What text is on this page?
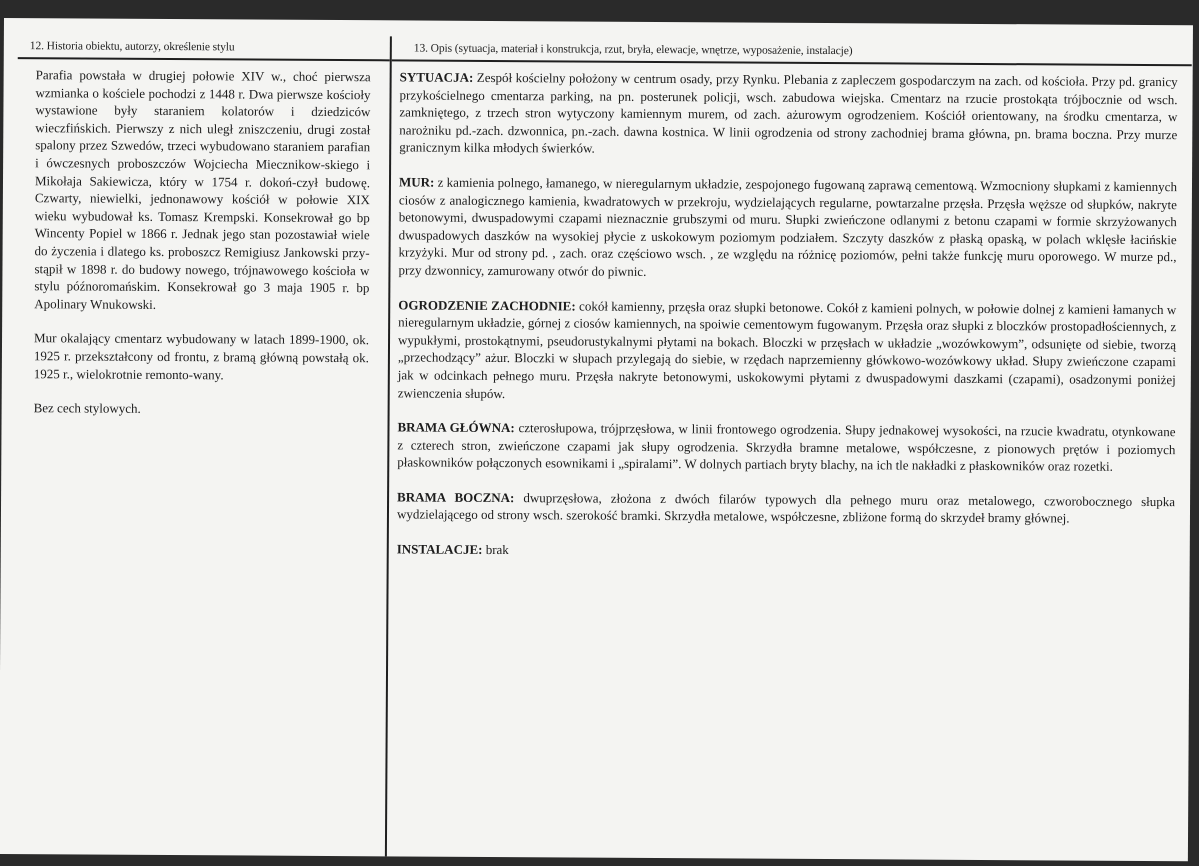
12. Historia obiektu, autorzy, określenie stylu	13. Opis (sytuacja, materiał i konstrukcja, rzut, bryła, elewacje, wnętrze, wyposażenie, instalacje)

Parafia powstała w drugiej połowie XIV w., choć pierwsza wzmianka o kościele pochodzi z 1448 r. Dwa pierwsze kościoły wystawione były staraniem kolatorów i dziedziców wieczfińskich. Pierwszy z nich uległ zniszczeniu, drugi został spalony przez Szwedów, trzeci wybudowano staraniem parafian i ówczesnych proboszczów Wojciecha Miecznikow-skiego i Mikołaja Sakiewicza, który w 1754 r. dokoń-czył budowę. Czwarty, niewielki, jednonawowy kościół w połowie XIX wieku wybudował ks. Tomasz Krempski. Konsekrował go bp Wincenty Popiel w 1866 r. Jednak jego stan pozostawiał wiele do życzenia i dlatego ks. proboszcz Remigiusz Jankowski przy-stąpił w 1898 r. do budowy nowego, trójnawowego kościoła w stylu późnoromańskim. Konsekrował go 3 maja 1905 r. bp Apolinary Wnukowski.

Mur okalający cmentarz wybudowany w latach 1899-1900, ok. 1925 r. przekształcony od frontu, z bramą główną powstałą ok. 1925 r., wielokrotnie remonto-wany.

Bez cech stylowych.

SYTUACJA: Zespół kościelny położony w centrum osady, przy Rynku. Plebania z zapleczem gospodarczym na zach. od kościoła. Przy pd. granicy przykościelnego cmentarza parking, na pn. posterunek policji, wsch. zabudowa wiejska. Cmentarz na rzucie prostokąta trójbocznie od wsch. zamkniętego, z trzech stron wytyczony kamiennym murem, od zach. ażurowym ogrodzeniem. Kościół orientowany, na środku cmentarza, w narożniku pd.-zach. dzwonnica, pn.-zach. dawna kostnica. W linii ogrodzenia od strony zachodniej brama główna, pn. brama boczna. Przy murze granicznym kilka młodych świerków.

MUR: z kamienia polnego, łamanego, w nieregularnym układzie, zespojonego fugowaną zaprawą cementową. Wzmocniony słupkami z kamiennych ciosów z analogicznego kamienia, kwadratowych w przekroju, wydzielających regularne, powtarzalne przęsła. Przęsła węższe od słupków, nakryte betonowymi, dwuspadowymi czapami nieznacznie grubszymi od muru. Słupki zwieńczone odlanymi z betonu czapami w formie skrzyżowanych dwuspadowych daszków na wysokiej płycie z uskokowym poziomym podziałem. Szczyty daszków z płaską opaską, w polach wklęsłe łacińskie krzyżyki. Mur od strony pd. , zach. oraz częściowo wsch. , ze względu na różnicę poziomów, pełni także funkcję muru oporowego. W murze pd., przy dzwonnicy, zamurowany otwór do piwnic.

OGRODZENIE ZACHODNIE: cokół kamienny, przęsła oraz słupki betonowe. Cokół z kamieni polnych, w połowie dolnej z kamieni łamanych w nieregularnym układzie, górnej z ciosów kamiennych, na spoiwie cementowym fugowanym. Przęsła oraz słupki z bloczków prostopadłościennych, z wypukłymi, prostokątnymi, pseudorustykalnymi płytami na bokach. Bloczki w przęsłach w układzie „wozówkowym”, odsunięte od siebie, tworzą „przechodzący” ażur. Bloczki w słupach przylegają do siebie, w rzędach naprzemienny główkowo-wozówkowy układ. Słupy zwieńczone czapami jak w odcinkach pełnego muru. Przęsła nakryte betonowymi, uskokowymi płytami z dwuspadowymi daszkami (czapami), osadzonymi poniżej zwienczenia słupów.

BRAMA GŁÓWNA: czterosłupowa, trójprzęsłowa, w linii frontowego ogrodzenia. Słupy jednakowej wysokości, na rzucie kwadratu, otynkowane z czterech stron, zwieńczone czapami jak słupy ogrodzenia. Skrzydła bramne metalowe, współczesne, z pionowych prętów i poziomych płaskowników połączonych esownikami i „spiralami”. W dolnych partiach bryty blachy, na ich tle nakładki z płaskowników oraz rozetki.

BRAMA BOCZNA: dwuprzęsłowa, złożona z dwóch filarów typowych dla pełnego muru oraz metalowego, czworobocznego słupka wydzielającego od strony wsch. szerokość bramki. Skrzydła metalowe, współczesne, zbliżone formą do skrzydeł bramy głównej.

INSTALACJE: brak
